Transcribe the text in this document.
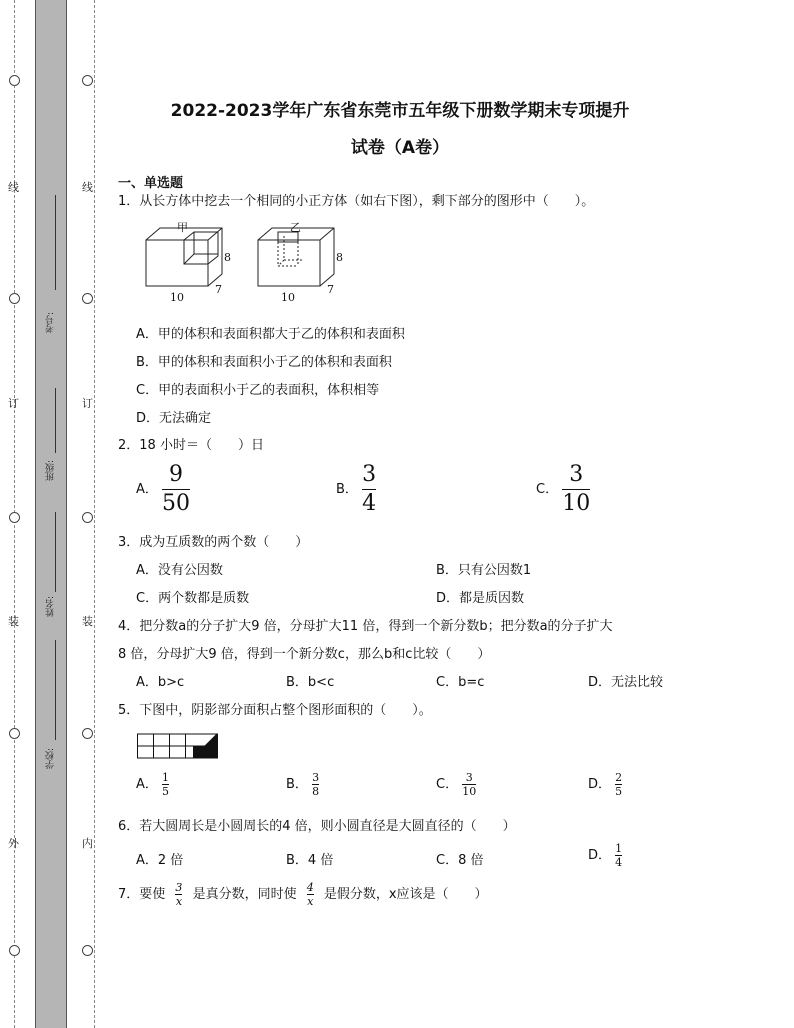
线
订
装
外
线
订
装
内
考号:
班级:
姓名:
学校:
2022-2023学年广东省东莞市五年级下册数学期末专项提升
试卷（A卷）
一、单选题
1．从长方体中挖去一个相同的小正方体（如右下图），剩下部分的图形中（　　）。
甲	乙
8
10
7
8
10
7
A．甲的体积和表面积都大于乙的体积和表面积
B．甲的体积和表面积小于乙的体积和表面积
C．甲的表面积小于乙的表面积，体积相等
D．无法确定
2．18 小时＝（　　）日
A． $\frac{9}{50}$	B． $\frac{3}{4}$	C． $\frac{3}{10}$
3．成为互质数的两个数（　　）
A．没有公因数	B．只有公因数1
C．两个数都是质数	D．都是质因数
4．把分数a的分子扩大9 倍，分母扩大11 倍，得到一个新分数b；把分数a的分子扩大
8 倍，分母扩大9 倍，得到一个新分数c，那么b和c比较（　　）
A．b>c	B．b<c	C．b=c	D．无法比较
5．下图中，阴影部分面积占整个图形面积的（　　）。
A． $\frac{1}{5}$	B． $\frac{3}{8}$	C． $\frac{3}{10}$	D． $\frac{2}{5}$
6．若大圆周长是小圆周长的4 倍，则小圆直径是大圆直径的（　　）
A．2 倍	B．4 倍	C．8 倍	D． $\frac{1}{4}$
7．要使 $\frac{3}{x}$ 是真分数，同时使 $\frac{4}{x}$ 是假分数，x应该是（　　）
